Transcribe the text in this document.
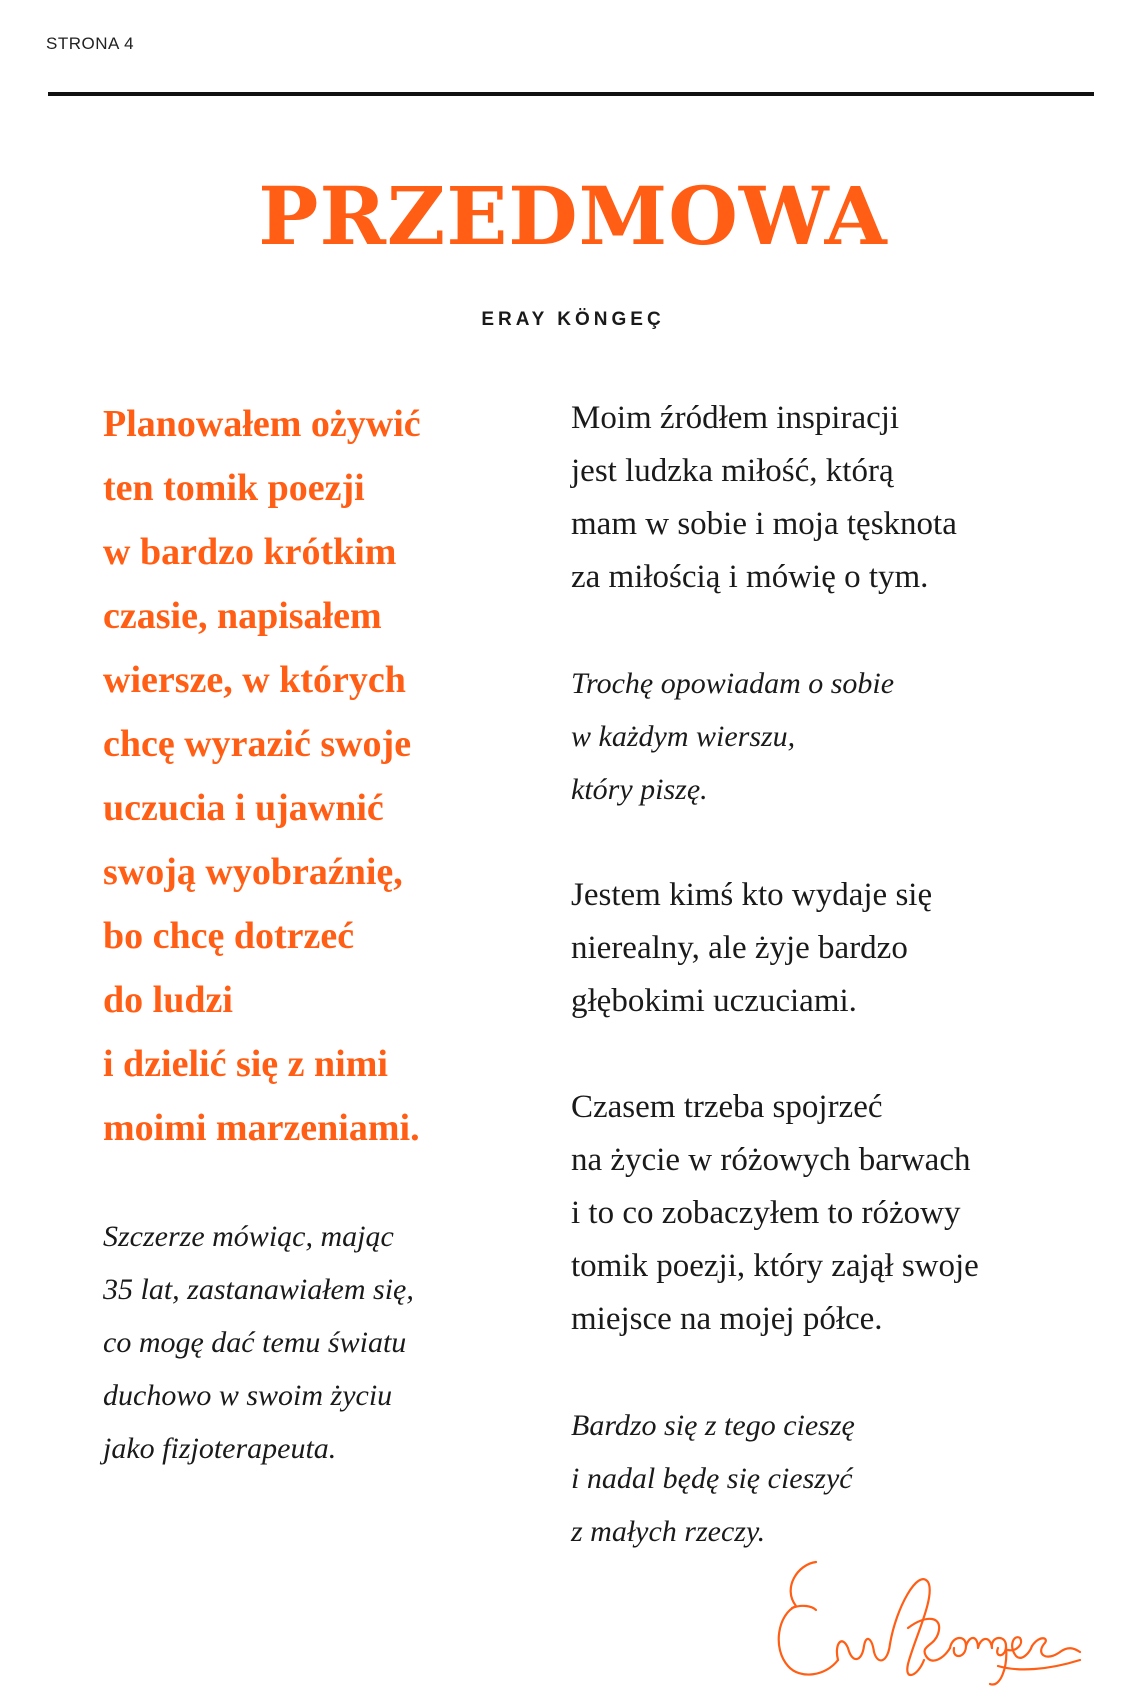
STRONA 4
PRZEDMOWA
ERAY KÖNGEÇ

Planowałem ożywić
ten tomik poezji
w bardzo krótkim
czasie, napisałem
wiersze, w których
chcę wyrazić swoje
uczucia i ujawnić
swoją wyobraźnię,
bo chcę dotrzeć
do ludzi
i dzielić się z nimi
moimi marzeniami.

Szczerze mówiąc, mając
35 lat, zastanawiałem się,
co mogę dać temu światu
duchowo w swoim życiu
jako fizjoterapeuta.

Moim źródłem inspiracji
jest ludzka miłość, którą
mam w sobie i moja tęsknota
za miłością i mówię o tym.

Trochę opowiadam o sobie
w każdym wierszu,
który piszę.

Jestem kimś kto wydaje się
nierealny, ale żyje bardzo
głębokimi uczuciami.

Czasem trzeba spojrzeć
na życie w różowych barwach
i to co zobaczyłem to różowy
tomik poezji, który zajął swoje
miejsce na mojej półce.

Bardzo się z tego cieszę
i nadal będę się cieszyć
z małych rzeczy.
